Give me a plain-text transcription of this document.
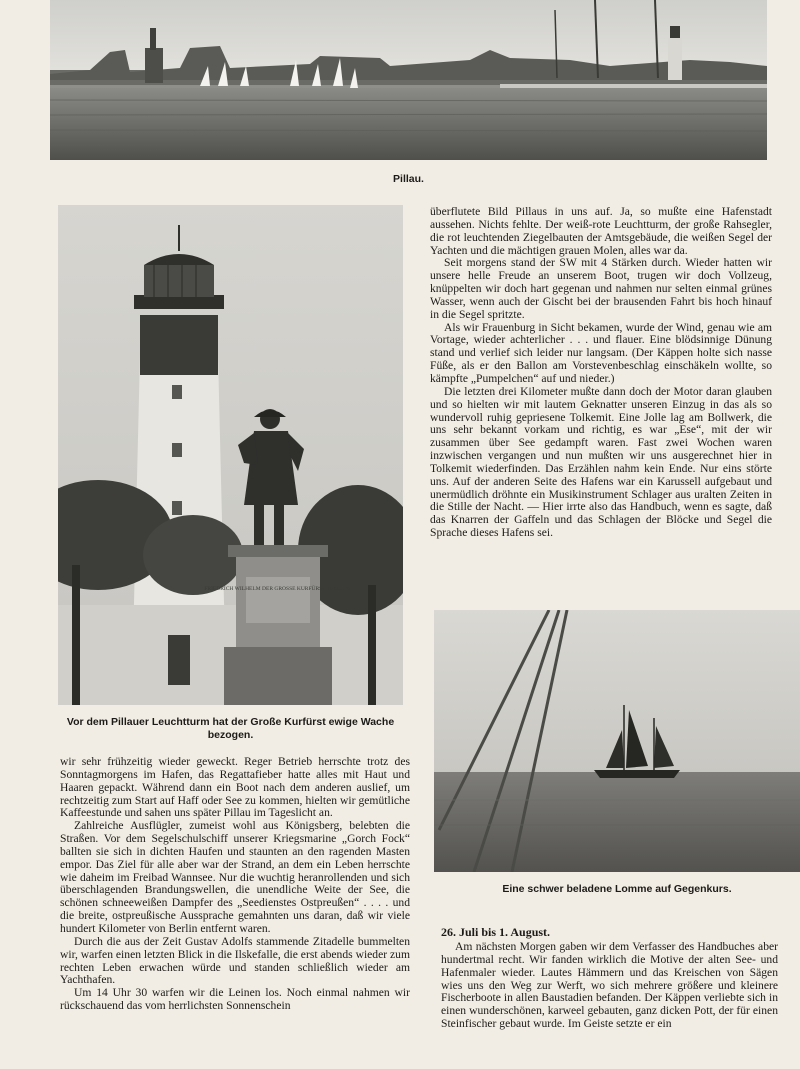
Pillau.
FRIEDRICH WILHELM DER GROSSE KURFÜRST 1640–1688
Vor dem Pillauer Leuchtturm hat der Große Kurfürst ewige Wache bezogen.

überflutete Bild Pillaus in uns auf. Ja, so mußte eine Hafenstadt aussehen. Nichts fehlte. Der weiß-rote Leuchtturm, der große Rahsegler, die rot leuchtenden Ziegelbauten der Amtsgebäude, die weißen Segel der Yachten und die mächtigen grauen Molen, alles war da.

Seit morgens stand der SW mit 4 Stärken durch. Wieder hatten wir unsere helle Freude an unserem Boot, trugen wir doch Vollzeug, knüppelten wir doch hart gegenan und nahmen nur selten einmal grünes Wasser, wenn auch der Gischt bei der brausenden Fahrt bis hoch hinauf in die Segel spritzte.

Als wir Frauenburg in Sicht bekamen, wurde der Wind, genau wie am Vortage, wieder achterlicher . . . und flauer. Eine blödsinnige Dünung stand und verlief sich leider nur langsam. (Der Käppen holte sich nasse Füße, als er den Ballon am Vorstevenbeschlag einschäkeln wollte, so kämpfte „Pumpelchen“ auf und nieder.)

Die letzten drei Kilometer mußte dann doch der Motor daran glauben und so hielten wir mit lautem Geknatter unseren Einzug in das als so wundervoll ruhig gepriesene Tolkemit. Eine Jolle lag am Bollwerk, die uns sehr bekannt vorkam und richtig, es war „Ese“, mit der wir zusammen über See gedampft waren. Fast zwei Wochen waren inzwischen vergangen und nun mußten wir uns ausgerechnet hier in Tolkemit wiederfinden. Das Erzählen nahm kein Ende. Nur eins störte uns. Auf der anderen Seite des Hafens war ein Karussell aufgebaut und unermüdlich dröhnte ein Musikinstrument Schlager aus uralten Zeiten in die Stille der Nacht. — Hier irrte also das Handbuch, wenn es sagte, daß das Knarren der Gaffeln und das Schlagen der Blöcke und Segel die Sprache dieses Hafens sei.

Eine schwer beladene Lomme auf Gegenkurs.

wir sehr frühzeitig wieder geweckt. Reger Betrieb herrschte trotz des Sonntagmorgens im Hafen, das Regattafieber hatte alles mit Haut und Haaren gepackt. Während dann ein Boot nach dem anderen auslief, um rechtzeitig zum Start auf Haff oder See zu kommen, hielten wir gemütliche Kaffeestunde und sahen uns später Pillau im Tageslicht an.

Zahlreiche Ausflügler, zumeist wohl aus Königsberg, belebten die Straßen. Vor dem Segelschulschiff unserer Kriegsmarine „Gorch Fock“ ballten sie sich in dichten Haufen und staunten an den ragenden Masten empor. Das Ziel für alle aber war der Strand, an dem ein Leben herrschte wie daheim im Freibad Wannsee. Nur die wuchtig heranrollenden und sich überschlagenden Brandungswellen, die unendliche Weite der See, die schönen schneeweißen Dampfer des „Seedienstes Ostpreußen“ . . . . und die breite, ostpreußische Aussprache gemahnten uns daran, daß wir viele hundert Kilometer von Berlin entfernt waren.

Durch die aus der Zeit Gustav Adolfs stammende Zitadelle bummelten wir, warfen einen letzten Blick in die Ilskefalle, die erst abends wieder zum rechten Leben erwachen würde und standen schließlich wieder am Yachthafen.

Um 14 Uhr 30 warfen wir die Leinen los. Noch einmal nahmen wir rückschauend das vom herrlichsten Sonnenschein

26. Juli bis 1. August.

Am nächsten Morgen gaben wir dem Verfasser des Handbuches aber hundertmal recht. Wir fanden wirklich die Motive der alten See- und Hafenmaler wieder. Lautes Hämmern und das Kreischen von Sägen wies uns den Weg zur Werft, wo sich mehrere größere und kleinere Fischerboote in allen Baustadien befanden. Der Käppen verliebte sich in einen wunderschönen, karweel gebauten, ganz dicken Pott, der für einen Steinfischer gebaut wurde. Im Geiste setzte er ein
